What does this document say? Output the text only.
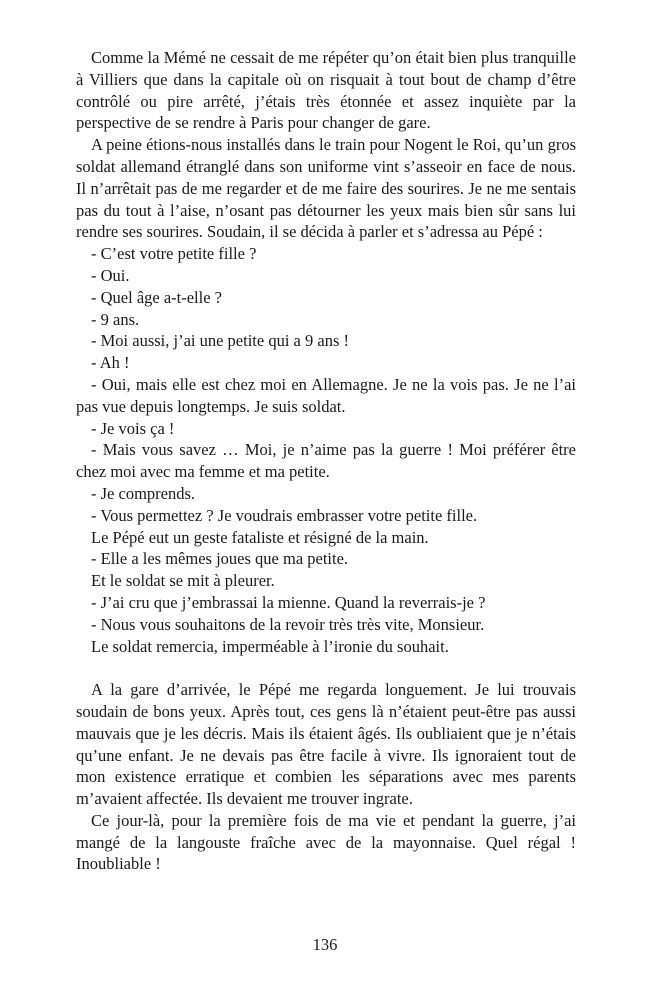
Comme la Mémé ne cessait de me répéter qu’on était bien plus tranquille à Villiers que dans la capitale où on risquait à tout bout de champ d’être contrôlé ou pire arrêté, j’étais très étonnée et assez inquiète par la perspective de se rendre à Paris pour changer de gare.

A peine étions-nous installés dans le train pour Nogent le Roi, qu’un gros soldat allemand étranglé dans son uniforme vint s’asseoir en face de nous. Il n’arrêtait pas de me regarder et de me faire des sourires. Je ne me sentais pas du tout à l’aise, n’osant pas détourner les yeux mais bien sûr sans lui rendre ses sourires. Soudain, il se décida à parler et s’adressa au Pépé :

- C’est votre petite fille ?

- Oui.

- Quel âge a-t-elle ?

- 9 ans.

- Moi aussi, j’ai une petite qui a 9 ans !

- Ah !

- Oui, mais elle est chez moi en Allemagne. Je ne la vois pas. Je ne l’ai pas vue depuis longtemps. Je suis soldat.

- Je vois ça !

- Mais vous savez … Moi, je n’aime pas la guerre ! Moi préférer être chez moi avec ma femme et ma petite.

- Je comprends.

- Vous permettez ? Je voudrais embrasser votre petite fille.

Le Pépé eut un geste fataliste et résigné de la main.

- Elle a les mêmes joues que ma petite.

Et le soldat se mit à pleurer.

- J’ai cru que j’embrassai la mienne. Quand la reverrais-je ?

- Nous vous souhaitons de la revoir très très vite, Monsieur.

Le soldat remercia, imperméable à l’ironie du souhait.

A la gare d’arrivée, le Pépé me regarda longuement. Je lui trouvais soudain de bons yeux. Après tout, ces gens là n’étaient peut-être pas aussi mauvais que je les décris. Mais ils étaient âgés. Ils oubliaient que je n’étais qu’une enfant. Je ne devais pas être facile à vivre. Ils ignoraient tout de mon existence erratique et combien les séparations avec mes parents m’avaient affectée. Ils devaient me trouver ingrate.

Ce jour-là, pour la première fois de ma vie et pendant la guerre, j’ai mangé de la langouste fraîche avec de la mayonnaise. Quel régal ! Inoubliable !

136
